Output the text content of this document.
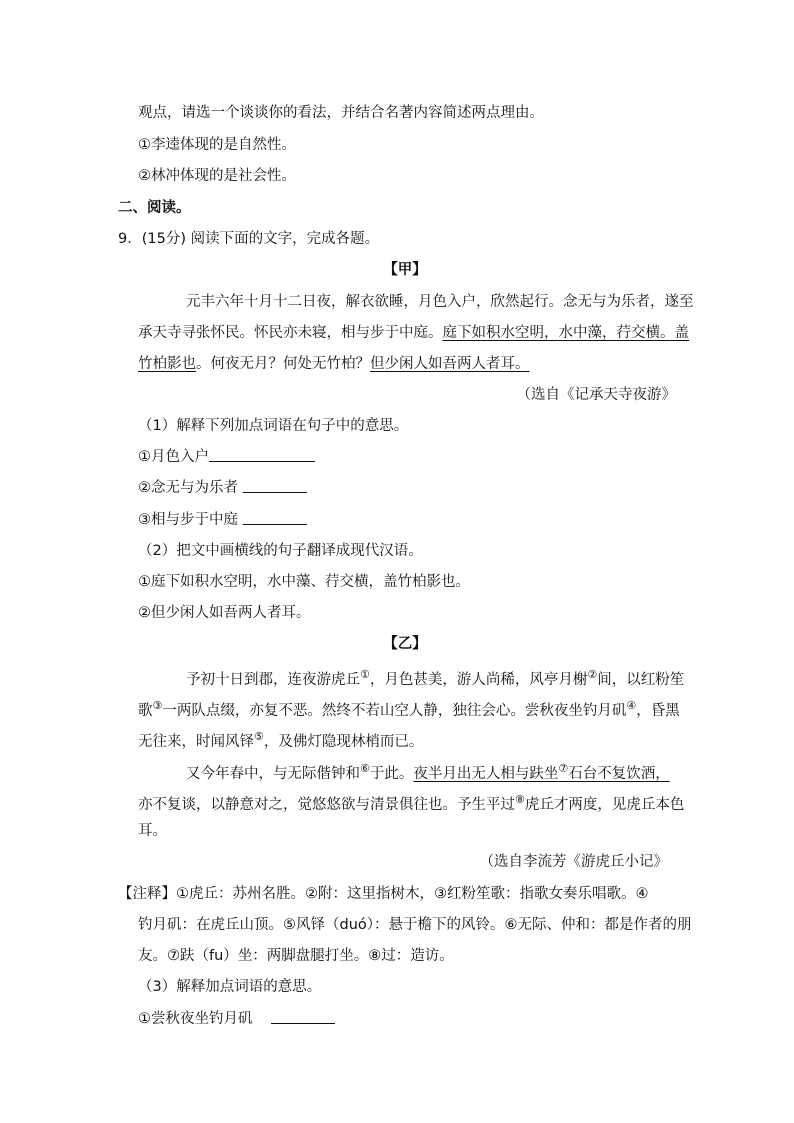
观点，请选一个谈谈你的看法，并结合名著内容简述两点理由。
①李逵体现的是自然性。
②林冲体现的是社会性。
二、阅读。
9．(15分) 阅读下面的文字，完成各题。
【甲】
元丰六年十月十二日夜，解衣欲睡，月色入户，欣然起行。念无与为乐者，遂至
承天寺寻张怀民。怀民亦未寝，相与步于中庭。庭下如积水空明，水中藻，荇交横。盖
竹柏影也。何夜无月？何处无竹柏？但少闲人如吾两人者耳。
（选自《记承天寺夜游》
（1）解释下列加点词语在句子中的意思。
①月色入户
②念无与为乐者
③相与步于中庭
（2）把文中画横线的句子翻译成现代汉语。
①庭下如积水空明，水中藻、荇交横，盖竹柏影也。
②但少闲人如吾两人者耳。
【乙】
予初十日到郡，连夜游虎丘①，月色甚美，游人尚稀，风亭月榭②间，以红粉笙
歌③一两队点缀，亦复不恶。然终不若山空人静，独往会心。尝秋夜坐钓月矶④，昏黑
无往来，时闻风铎⑤，及佛灯隐现林梢而已。
又今年春中，与无际偕钟和⑥于此。夜半月出无人相与趺坐⑦石台不复饮酒，
亦不复谈，以静意对之，觉悠悠欲与清景俱往也。予生平过⑧虎丘才两度，见虎丘本色
耳。
（选自李流芳《游虎丘小记》
【注释】①虎丘：苏州名胜。②附：这里指树木，③红粉笙歌：指歌女奏乐唱歌。④
钓月矶：在虎丘山顶。⑤风铎（duó）：悬于檐下的风铃。⑥无际、仲和：都是作者的朋
友。⑦趺（fu）坐：两脚盘腿打坐。⑧过：造访。
（3）解释加点词语的意思。
①尝秋夜坐钓月矶
